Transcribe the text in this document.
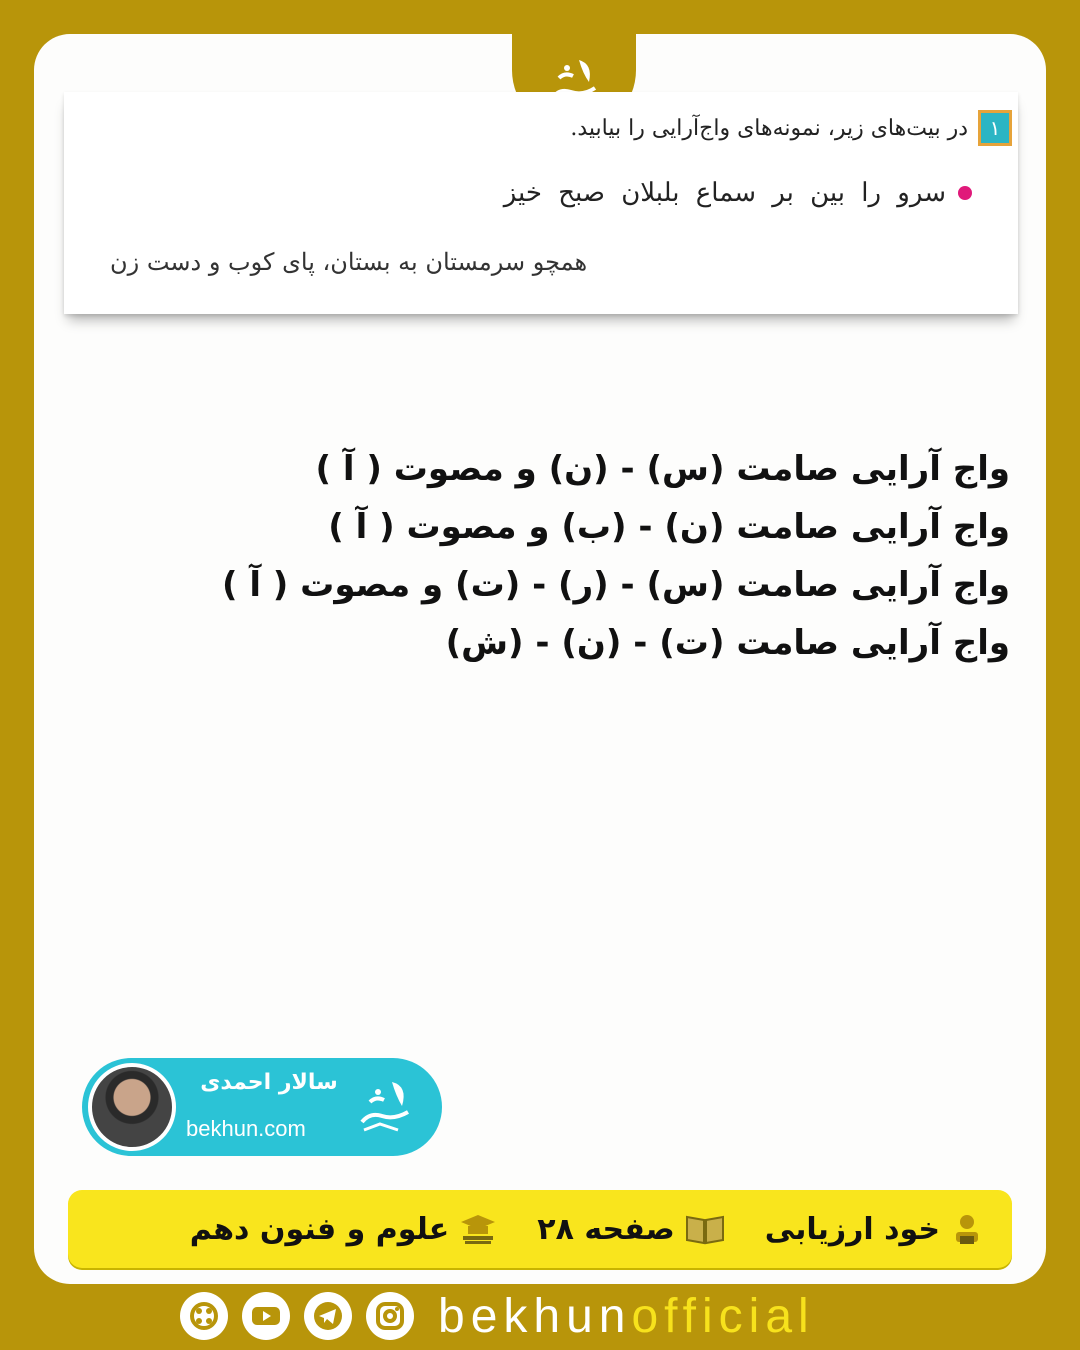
۱
در بیت‌های زیر، نمونه‌های واج‌آرایی را بیابید.
سرو را بین بر سماع بلبلان صبح خیز
همچو سرمستان به بستان، پای کوب و دست زن
واج آرایی صامت (س) - (ن) و مصوت ( آ )
واج آرایی صامت (ن) - (ب) و مصوت ( آ )
واج آرایی صامت (س) - (ر) - (ت) و مصوت ( آ )
واج آرایی صامت (ت) - (ن) - (ش)
سالار احمدی
bekhun.com
خود ارزیابی
صفحه ۲۸
علوم و فنون دهم
bekhunofficial
